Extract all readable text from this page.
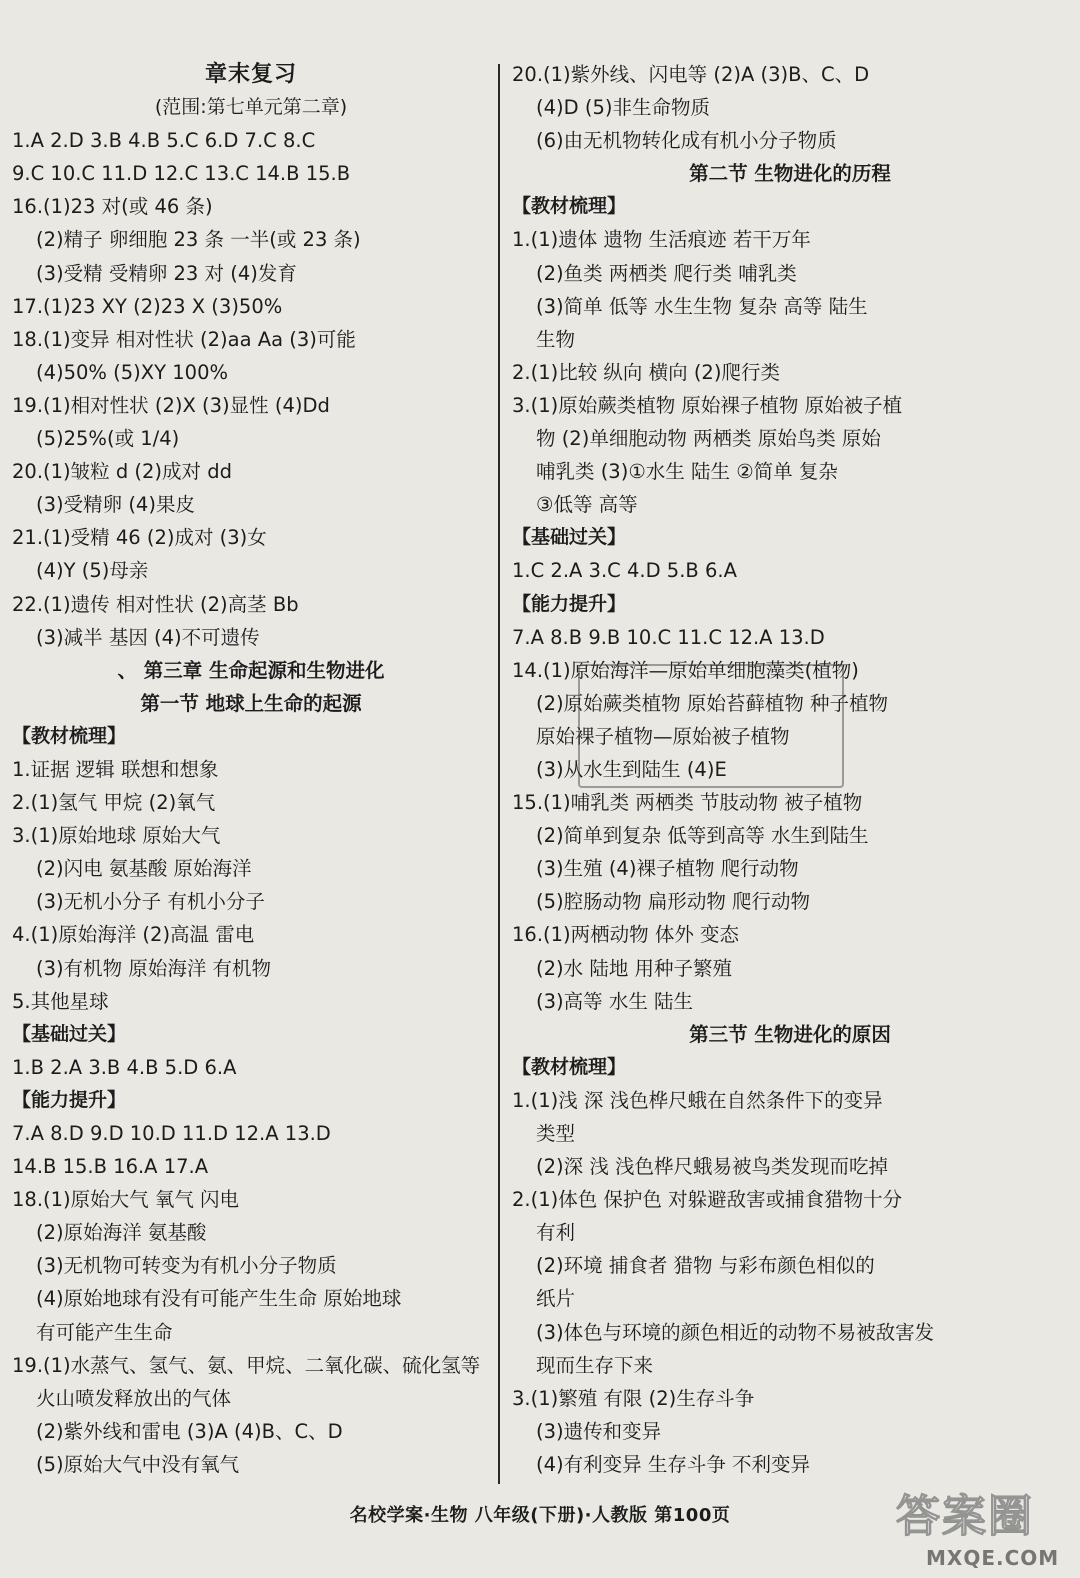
章末复习
(范围:第七单元第二章)
1.A 2.D 3.B 4.B 5.C 6.D 7.C 8.C
9.C 10.C 11.D 12.C 13.C 14.B 15.B
16.(1)23 对(或 46 条)
(2)精子 卵细胞 23 条 一半(或 23 条)
(3)受精 受精卵 23 对 (4)发育
17.(1)23 XY (2)23 X (3)50%
18.(1)变异 相对性状 (2)aa Aa (3)可能
(4)50% (5)XY 100%
19.(1)相对性状 (2)X (3)显性 (4)Dd
(5)25%(或 1/4)
20.(1)皱粒 d (2)成对 dd
(3)受精卵 (4)果皮
21.(1)受精 46 (2)成对 (3)女
(4)Y (5)母亲
22.(1)遗传 相对性状 (2)高茎 Bb
(3)减半 基因 (4)不可遗传
、 第三章 生命起源和生物进化
第一节 地球上生命的起源
【教材梳理】
1.证据 逻辑 联想和想象
2.(1)氢气 甲烷 (2)氧气
3.(1)原始地球 原始大气
(2)闪电 氨基酸 原始海洋
(3)无机小分子 有机小分子
4.(1)原始海洋 (2)高温 雷电
(3)有机物 原始海洋 有机物
5.其他星球
【基础过关】
1.B 2.A 3.B 4.B 5.D 6.A
【能力提升】
7.A 8.D 9.D 10.D 11.D 12.A 13.D
14.B 15.B 16.A 17.A
18.(1)原始大气 氧气 闪电
(2)原始海洋 氨基酸
(3)无机物可转变为有机小分子物质
(4)原始地球有没有可能产生生命 原始地球
有可能产生生命
19.(1)水蒸气、氢气、氨、甲烷、二氧化碳、硫化氢等
火山喷发释放出的气体
(2)紫外线和雷电 (3)A (4)B、C、D
(5)原始大气中没有氧气
20.(1)紫外线、闪电等 (2)A (3)B、C、D
(4)D (5)非生命物质
(6)由无机物转化成有机小分子物质
第二节 生物进化的历程
【教材梳理】
1.(1)遗体 遗物 生活痕迹 若干万年
(2)鱼类 两栖类 爬行类 哺乳类
(3)简单 低等 水生生物 复杂 高等 陆生
生物
2.(1)比较 纵向 横向 (2)爬行类
3.(1)原始蕨类植物 原始裸子植物 原始被子植
物 (2)单细胞动物 两栖类 原始鸟类 原始
哺乳类 (3)①水生 陆生 ②简单 复杂
③低等 高等
【基础过关】
1.C 2.A 3.C 4.D 5.B 6.A
【能力提升】
7.A 8.B 9.B 10.C 11.C 12.A 13.D
14.(1)原始海洋—原始单细胞藻类(植物)
(2)原始蕨类植物 原始苔藓植物 种子植物
原始裸子植物—原始被子植物
(3)从水生到陆生 (4)E
15.(1)哺乳类 两栖类 节肢动物 被子植物
(2)简单到复杂 低等到高等 水生到陆生
(3)生殖 (4)裸子植物 爬行动物
(5)腔肠动物 扁形动物 爬行动物
16.(1)两栖动物 体外 变态
(2)水 陆地 用种子繁殖
(3)高等 水生 陆生
第三节 生物进化的原因
【教材梳理】
1.(1)浅 深 浅色桦尺蛾在自然条件下的变异
类型
(2)深 浅 浅色桦尺蛾易被鸟类发现而吃掉
2.(1)体色 保护色 对躲避敌害或捕食猎物十分
有利
(2)环境 捕食者 猎物 与彩布颜色相似的
纸片
(3)体色与环境的颜色相近的动物不易被敌害发
现而生存下来
3.(1)繁殖 有限 (2)生存斗争
(3)遗传和变异
(4)有利变异 生存斗争 不利变异
名校学案·生物 八年级(下册)·人教版 第100页	答案圈
MXQE.COM
